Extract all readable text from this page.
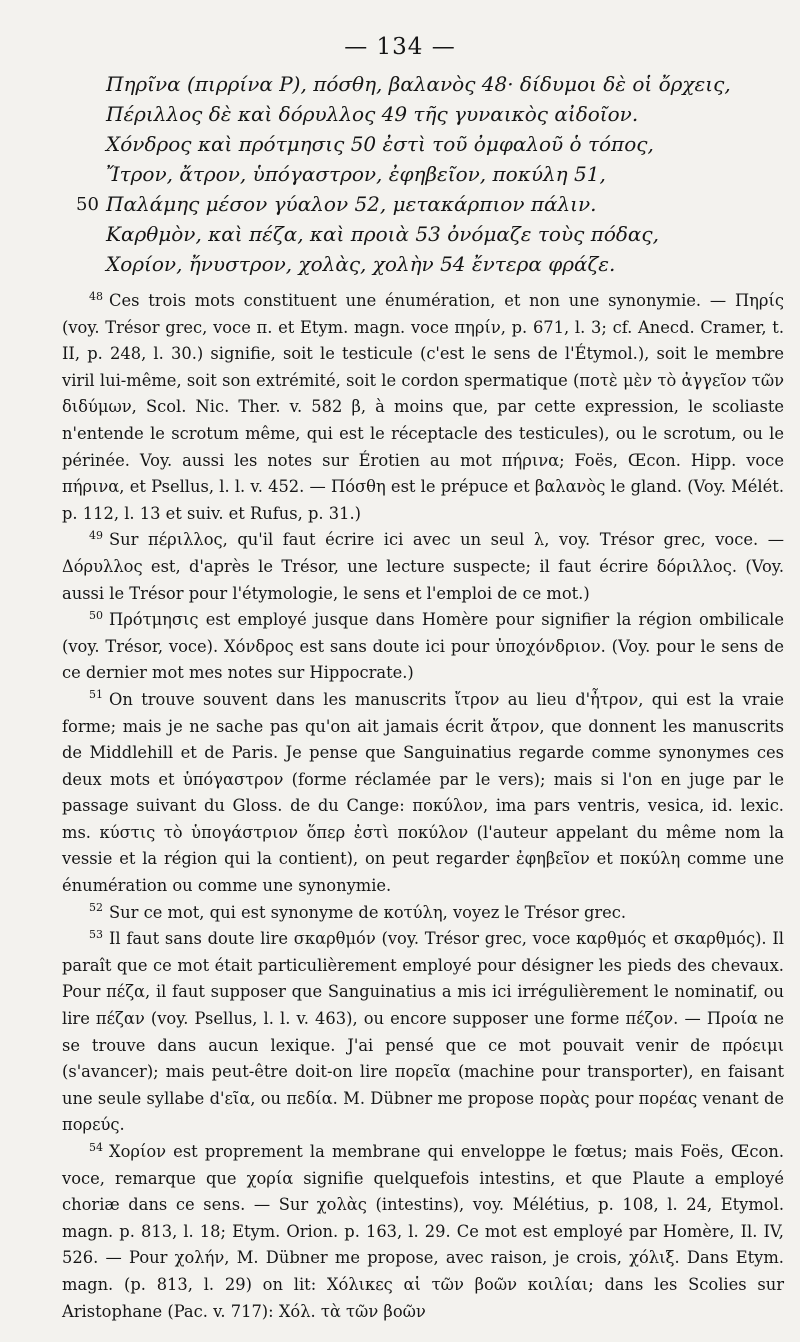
— 134 —
Πηρῖνα (πιρρίνα P), πόσθη, βαλανὸς 48· δίδυμοι δὲ οἱ ὄρχεις,
Πέριλλος δὲ καὶ δόρυλλος 49 τῆς γυναικὸς αἰδοῖον.
Χόνδρος καὶ πρότμησις 50 ἐστὶ τοῦ ὀμφαλοῦ ὁ τόπος,
Ἴτρον, ἄτρον, ὑπόγαστρον, ἐφηβεῖον, ποκύλη 51,
50 Παλάμης μέσον γύαλον 52, μετακάρπιον πάλιν.
Καρθμὸν, καὶ πέζα, καὶ προιὰ 53 ὀνόμαζε τοὺς πόδας,
Χορίον, ἤνυστρον, χολὰς, χολὴν 54 ἔντερα φράζε.

$^{48}$ Ces trois mots constituent une énumération, et non une synonymie. — Πηρίς (voy. Trésor grec, voce π. et Etym. magn. voce πηρίν, p. 671, l. 3; cf. Anecd. Cramer, t. II, p. 248, l. 30.) signifie, soit le testicule (c'est le sens de l'Étymol.), soit le membre viril lui-même, soit son extrémité, soit le cordon spermatique (ποτὲ μὲν τὸ ἀγγεῖον τῶν διδύμων, Scol. Nic. Ther. v. 582 β, à moins que, par cette expression, le scoliaste n'entende le scrotum même, qui est le réceptacle des testicules), ou le scrotum, ou le périnée. Voy. aussi les notes sur Érotien au mot πήρινα; Foës, Œcon. Hipp. voce πήρινα, et Psellus, l. l. v. 452. — Πόσθη est le prépuce et βαλανὸς le gland. (Voy. Mélét. p. 112, l. 13 et suiv. et Rufus, p. 31.)

$^{49}$ Sur πέριλλος, qu'il faut écrire ici avec un seul λ, voy. Trésor grec, voce. — Δόρυλλος est, d'après le Trésor, une lecture suspecte; il faut écrire δόριλλος. (Voy. aussi le Trésor pour l'étymologie, le sens et l'emploi de ce mot.)

$^{50}$ Πρότμησις est employé jusque dans Homère pour signifier la région ombilicale (voy. Trésor, voce). Χόνδρος est sans doute ici pour ὑποχόνδριον. (Voy. pour le sens de ce dernier mot mes notes sur Hippocrate.)

$^{51}$ On trouve souvent dans les manuscrits ἴτρον au lieu d'ἦτρον, qui est la vraie forme; mais je ne sache pas qu'on ait jamais écrit ἄτρον, que donnent les manuscrits de Middlehill et de Paris. Je pense que Sanguinatius regarde comme synonymes ces deux mots et ὑπόγαστρον (forme réclamée par le vers); mais si l'on en juge par le passage suivant du Gloss. de du Cange: ποκύλον, ima pars ventris, vesica, id. lexic. ms. κύστις τὸ ὑπογάστριον ὅπερ ἐστὶ ποκύλον (l'auteur appelant du même nom la vessie et la région qui la contient), on peut regarder ἐφηβεῖον et ποκύλη comme une énumération ou comme une synonymie.

$^{52}$ Sur ce mot, qui est synonyme de κοτύλη, voyez le Trésor grec.

$^{53}$ Il faut sans doute lire σκαρθμόν (voy. Trésor grec, voce καρθμός et σκαρθμός). Il paraît que ce mot était particulièrement employé pour désigner les pieds des chevaux. Pour πέζα, il faut supposer que Sanguinatius a mis ici irrégulièrement le nominatif, ou lire πέζαν (voy. Psellus, l. l. v. 463), ou encore supposer une forme πέζον. — Προία ne se trouve dans aucun lexique. J'ai pensé que ce mot pouvait venir de πρόειμι (s'avancer); mais peut-être doit-on lire πορεῖα (machine pour transporter), en faisant une seule syllabe d'εῖα, ou πεδία. M. Dübner me propose πορὰς pour πορέας venant de πορεύς.

$^{54}$ Χορίον est proprement la membrane qui enveloppe le fœtus; mais Foës, Œcon. voce, remarque que χορία signifie quelquefois intestins, et que Plaute a employé choriæ dans ce sens. — Sur χολὰς (intestins), voy. Mélétius, p. 108, l. 24, Etymol. magn. p. 813, l. 18; Etym. Orion. p. 163, l. 29. Ce mot est employé par Homère, Il. IV, 526. — Pour χολήν, M. Dübner me propose, avec raison, je crois, χόλιξ. Dans Etym. magn. (p. 813, l. 29) on lit: Χόλικες αἱ τῶν βοῶν κοιλίαι; dans les Scolies sur Aristophane (Pac. v. 717): Χόλ. τὰ τῶν βοῶν
